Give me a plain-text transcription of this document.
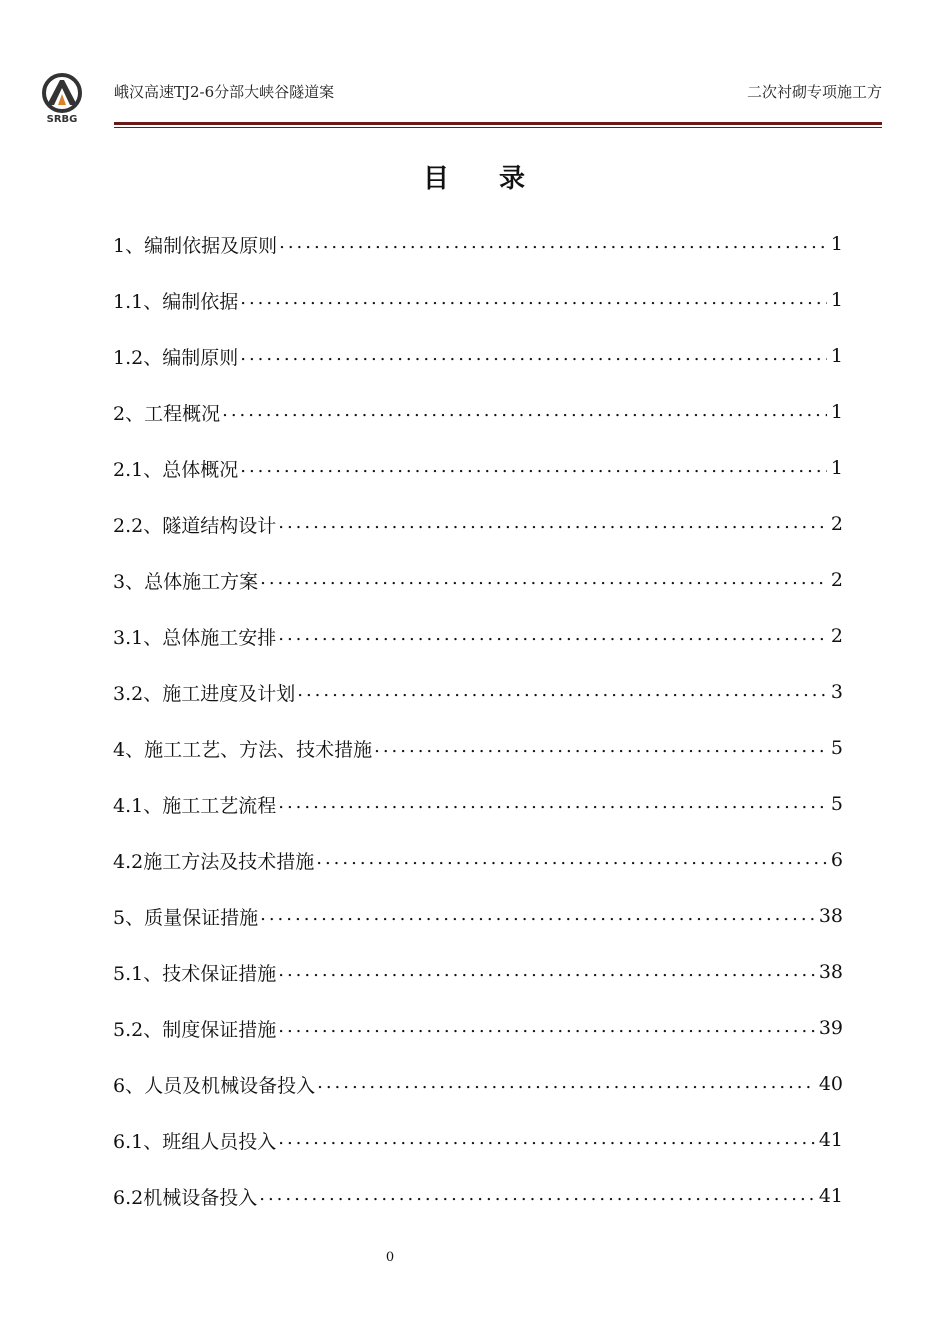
SRBG
峨汉高速TJ2-6分部大峡谷隧道案	二次衬砌专项施工方
目 录
1、编制依据及原则 .....	1
1.1、编制依据 .....	1
1.2、编制原则 .....	1
2、工程概况 .....	1
2.1、总体概况 .....	1
2.2、隧道结构设计 .....	2
3、总体施工方案 .....	2
3.1、总体施工安排 .....	2
3.2、施工进度及计划 .....	3
4、施工工艺、方法、技术措施 .....	5
4.1、施工工艺流程 .....	5
4.2施工方法及技术措施 .....	6
5、质量保证措施 .....	38
5.1、技术保证措施 .....	38
5.2、制度保证措施 .....	39
6、人员及机械设备投入 .....	40
6.1、班组人员投入 .....	41
6.2机械设备投入 .....	41
0
